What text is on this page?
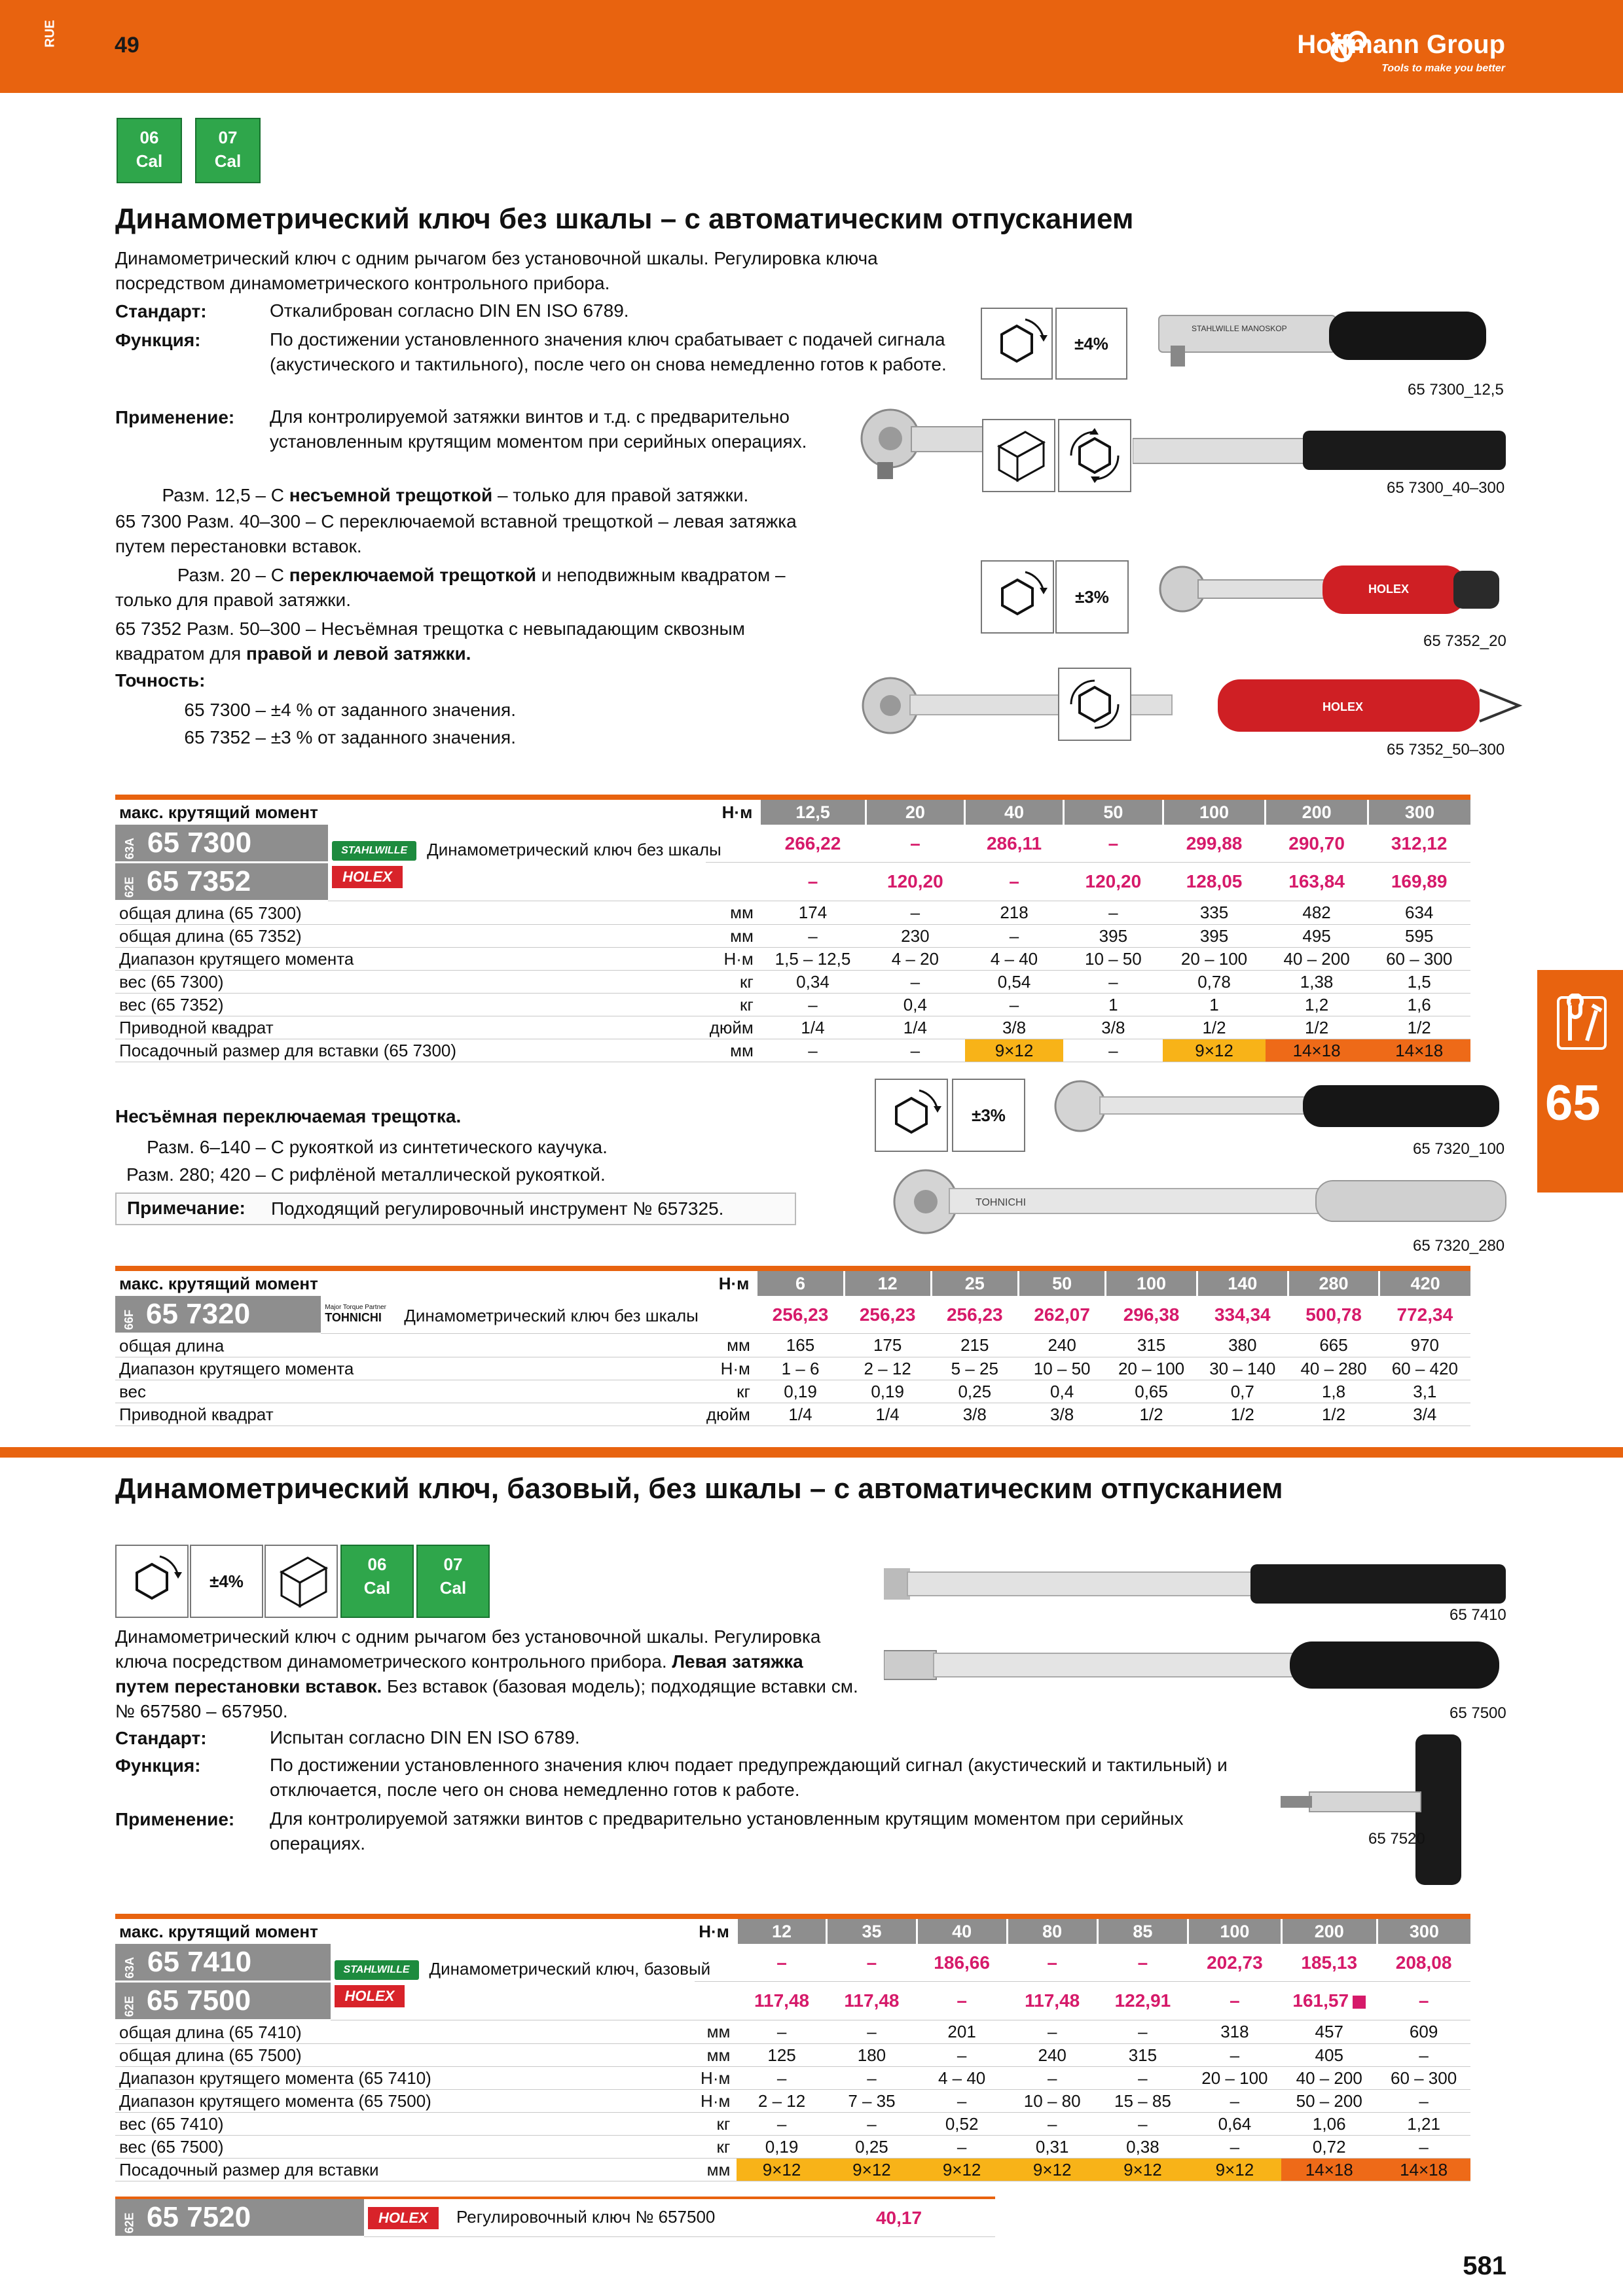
RUE	49	Hoffmann Group
Tools to make you better
65
06
Cal
07
Cal
Динамометрический ключ без шкалы – с автоматическим отпусканием
Динамометрический ключ с одним рычагом без установочной шкалы. Регулировка ключа посредством динамометрического контрольного прибора.
Стандарт:	Откалиброван согласно DIN EN ISO 6789.
Функция:	По достижении установленного значения ключ срабатывает с подачей сигнала (акустического и тактильного), после чего он снова немедленно готов к работе.
Применение: Для контролируемой затяжки винтов и т.д. с предварительно установленным крутящим моментом при серийных операциях.
Разм. 12,5 – С несъемной трещоткой – только для правой затяжки.
65 7300 Разм. 40–300 – С переключаемой вставной трещоткой – левая затяжка путем перестановки вставок.
Разм. 20 – С переключаемой трещоткой и неподвижным квадратом – только для правой затяжки.
65 7352 Разм. 50–300 – Несъёмная трещотка с невыпадающим сквозным квадратом для правой и левой затяжки.
Точность:
65 7300 – ±4 % от заданного значения.
65 7352 – ±3 % от заданного значения.
±4%
STAHLWILLE MANOSKOP
65 7300_12,5
65 7300_40–300
±3%	HOLEX
65 7352_20
HOLEX
65 7352_50–300
макс. крутящий момент		Н·м	12,5	20	40	50	100	200	300
63A 65 7300	STAHLWILLE
HOLEX Динамометрический ключ без шкалы		266,22	–	286,11	–	299,88	290,70	312,12
62E 65 7352			–	120,20	–	120,20	128,05	163,84	169,89
общая длина (65 7300)		мм	174	–	218	–	335	482	634
общая длина (65 7352)		мм	–	230	–	395	395	495	595
Диапазон крутящего момента		Н·м	1,5 – 12,5	4 – 20	4 – 40	10 – 50	20 – 100	40 – 200	60 – 300
вес (65 7300)		кг	0,34	–	0,54	–	0,78	1,38	1,5
вес (65 7352)		кг	–	0,4	–	1	1	1,2	1,6
Приводной квадрат		дюйм	1/4	1/4	3/8	3/8	1/2	1/2	1/2
Посадочный размер для вставки (65 7300)		мм	–	–	9×12	–	9×12	14×18	14×18
Несъёмная переключаемая трещотка.
Разм. 6–140 – С рукояткой из синтетического каучука.
Разм. 280; 420 – С рифлёной металлической рукояткой.
Примечание: Подходящий регулировочный инструмент № 657325.
±3%
65 7320_100
TOHNICHI
65 7320_280
макс. крутящий момент		Н·м	6	12	25	50	100	140	280	420
66F 65 7320	Major Torque Partner
TOHNICHI Динамометрический ключ без шкалы		256,23	256,23	256,23	262,07	296,38	334,34	500,78	772,34
общая длина		мм	165	175	215	240	315	380	665	970
Диапазон крутящего момента		Н·м	1 – 6	2 – 12	5 – 25	10 – 50	20 – 100	30 – 140	40 – 280	60 – 420
вес		кг	0,19	0,19	0,25	0,4	0,65	0,7	1,8	3,1
Приводной квадрат		дюйм	1/4	1/4	3/8	3/8	1/2	1/2	1/2	3/4
Динамометрический ключ, базовый, без шкалы – с автоматическим отпусканием
±4%
06
Cal
07
Cal
Динамометрический ключ с одним рычагом без установочной шкалы. Регулировка ключа посредством динамометрического контрольного прибора. Левая затяжка путем перестановки вставок. Без вставок (базовая модель); подходящие вставки см. № 657580 – 657950.
Стандарт:	Испытан согласно DIN EN ISO 6789.
Функция:	По достижении установленного значения ключ подает предупреждающий сигнал (акустический и тактильный) и отключается, после чего он снова немедленно готов к работе.
Применение: Для контролируемой затяжки винтов с предварительно установленным крутящим моментом при серийных операциях.
65 7410
65 7500
65 7520
макс. крутящий момент		Н·м	12	35	40	80	85	100	200	300
63A 65 7410	STAHLWILLE
HOLEX Динамометрический ключ, базовый		–	–	186,66	–	–	202,73	185,13	208,08
62E 65 7500			117,48	117,48	–	117,48	122,91	–	161,57	–
общая длина (65 7410)		мм	–	–	201	–	–	318	457	609
общая длина (65 7500)		мм	125	180	–	240	315	–	405	–
Диапазон крутящего момента (65 7410)		Н·м	–	–	4 – 40	–	–	20 – 100	40 – 200	60 – 300
Диапазон крутящего момента (65 7500)		Н·м	2 – 12	7 – 35	–	10 – 80	15 – 85	–	50 – 200	–
вес (65 7410)		кг	–	–	0,52	–	–	0,64	1,06	1,21
вес (65 7500)		кг	0,19	0,25	–	0,31	0,38	–	0,72	–
Посадочный размер для вставки		мм	9×12	9×12	9×12	9×12	9×12	9×12	14×18	14×18
62E 65 7520	HOLEX Регулировочный ключ № 657500	40,17
581
